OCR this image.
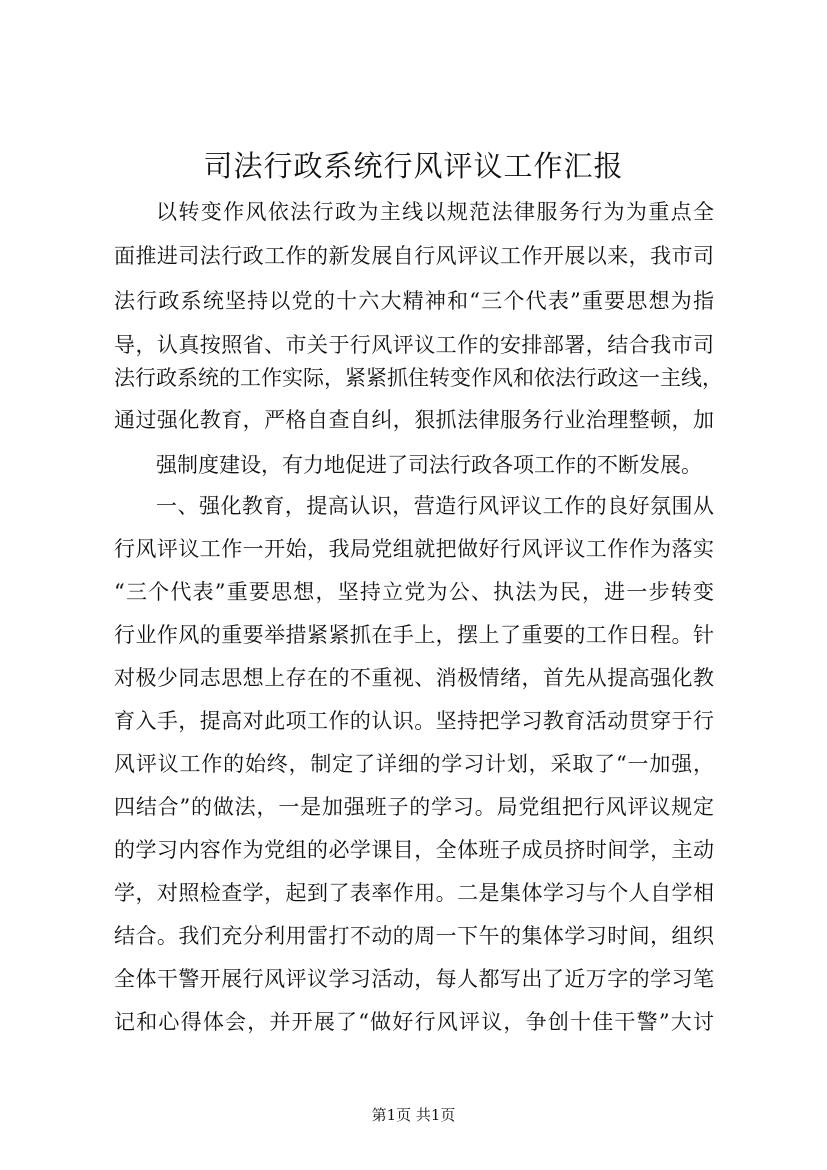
司法行政系统行风评议工作汇报
以转变作风依法行政为主线以规范法律服务行为为重点全
面推进司法行政工作的新发展自行风评议工作开展以来，我市司
法行政系统坚持以党的十六大精神和“三个代表”重要思想为指
导，认真按照省、市关于行风评议工作的安排部署，结合我市司
法行政系统的工作实际，紧紧抓住转变作风和依法行政这一主线，
通过强化教育，严格自查自纠，狠抓法律服务行业治理整顿，加
强制度建设，有力地促进了司法行政各项工作的不断发展。
一、强化教育，提高认识，营造行风评议工作的良好氛围从
行风评议工作一开始，我局党组就把做好行风评议工作作为落实
“三个代表”重要思想，坚持立党为公、执法为民，进一步转变
行业作风的重要举措紧紧抓在手上，摆上了重要的工作日程。针
对极少同志思想上存在的不重视、消极情绪，首先从提高强化教
育入手，提高对此项工作的认识。坚持把学习教育活动贯穿于行
风评议工作的始终，制定了详细的学习计划，采取了“一加强，
四结合”的做法，一是加强班子的学习。局党组把行风评议规定
的学习内容作为党组的必学课目，全体班子成员挤时间学，主动
学，对照检查学，起到了表率作用。二是集体学习与个人自学相
结合。我们充分利用雷打不动的周一下午的集体学习时间，组织
全体干警开展行风评议学习活动，每人都写出了近万字的学习笔
记和心得体会，并开展了“做好行风评议，争创十佳干警”大讨
第1页 共1页
